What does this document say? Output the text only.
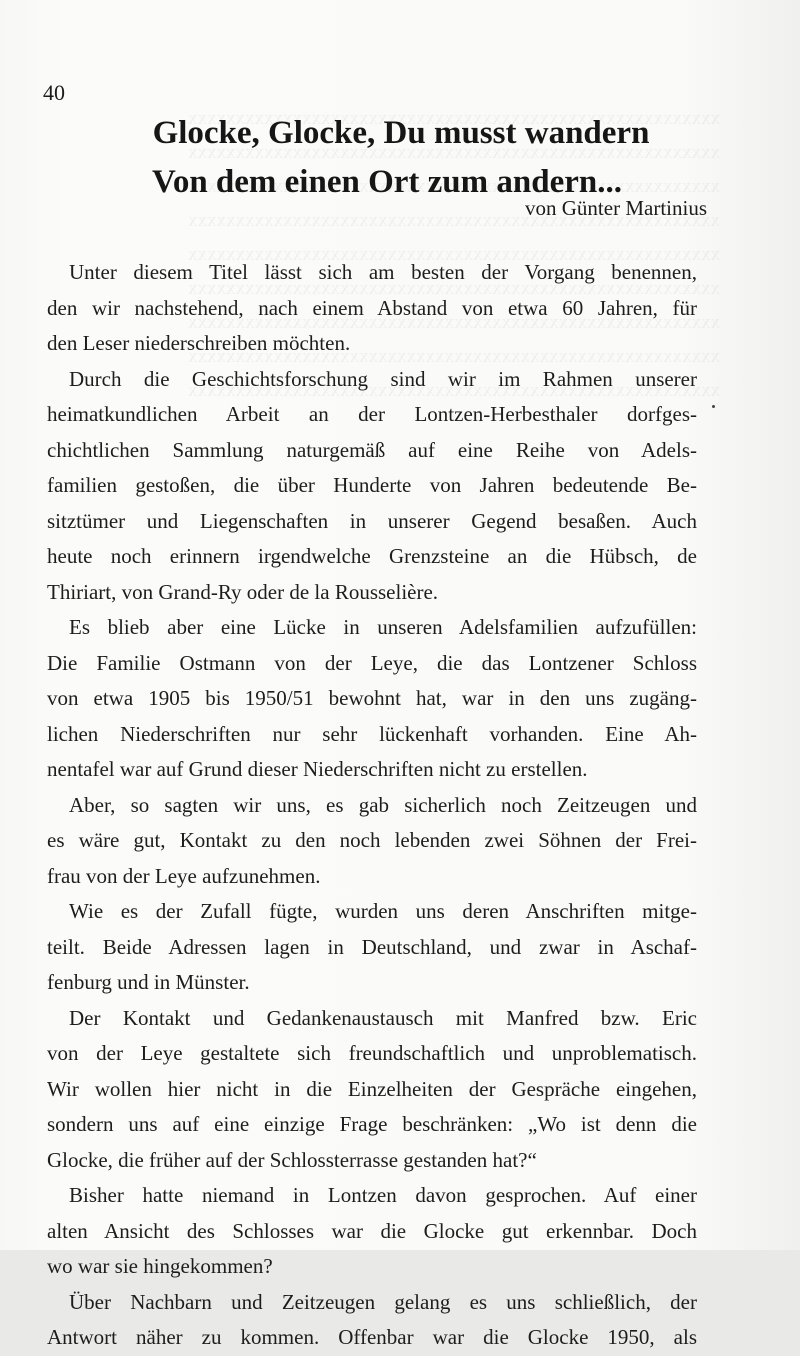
40
Glocke, Glocke, Du musst wandern
Von dem einen Ort zum andern...
von Günter Martinius
Unter diesem Titel lässt sich am besten der Vorgang benennen,
den wir nachstehend, nach einem Abstand von etwa 60 Jahren, für
den Leser niederschreiben möchten.
Durch die Geschichtsforschung sind wir im Rahmen unserer
heimatkundlichen Arbeit an der Lontzen-Herbesthaler dorfges-
chichtlichen Sammlung naturgemäß auf eine Reihe von Adels-
familien gestoßen, die über Hunderte von Jahren bedeutende Be-
sitztümer und Liegenschaften in unserer Gegend besaßen. Auch
heute noch erinnern irgendwelche Grenzsteine an die Hübsch, de
Thiriart, von Grand-Ry oder de la Rousselière.
Es blieb aber eine Lücke in unseren Adelsfamilien aufzufüllen:
Die Familie Ostmann von der Leye, die das Lontzener Schloss
von etwa 1905 bis 1950/51 bewohnt hat, war in den uns zugäng-
lichen Niederschriften nur sehr lückenhaft vorhanden. Eine Ah-
nentafel war auf Grund dieser Niederschriften nicht zu erstellen.
Aber, so sagten wir uns, es gab sicherlich noch Zeitzeugen und
es wäre gut, Kontakt zu den noch lebenden zwei Söhnen der Frei-
frau von der Leye aufzunehmen.
Wie es der Zufall fügte, wurden uns deren Anschriften mitge-
teilt. Beide Adressen lagen in Deutschland, und zwar in Aschaf-
fenburg und in Münster.
Der Kontakt und Gedankenaustausch mit Manfred bzw. Eric
von der Leye gestaltete sich freundschaftlich und unproblematisch.
Wir wollen hier nicht in die Einzelheiten der Gespräche eingehen,
sondern uns auf eine einzige Frage beschränken: „Wo ist denn die
Glocke, die früher auf der Schlossterrasse gestanden hat?“
Bisher hatte niemand in Lontzen davon gesprochen. Auf einer
alten Ansicht des Schlosses war die Glocke gut erkennbar. Doch
wo war sie hingekommen?
Über Nachbarn und Zeitzeugen gelang es uns schließlich, der
Antwort näher zu kommen. Offenbar war die Glocke 1950, als
